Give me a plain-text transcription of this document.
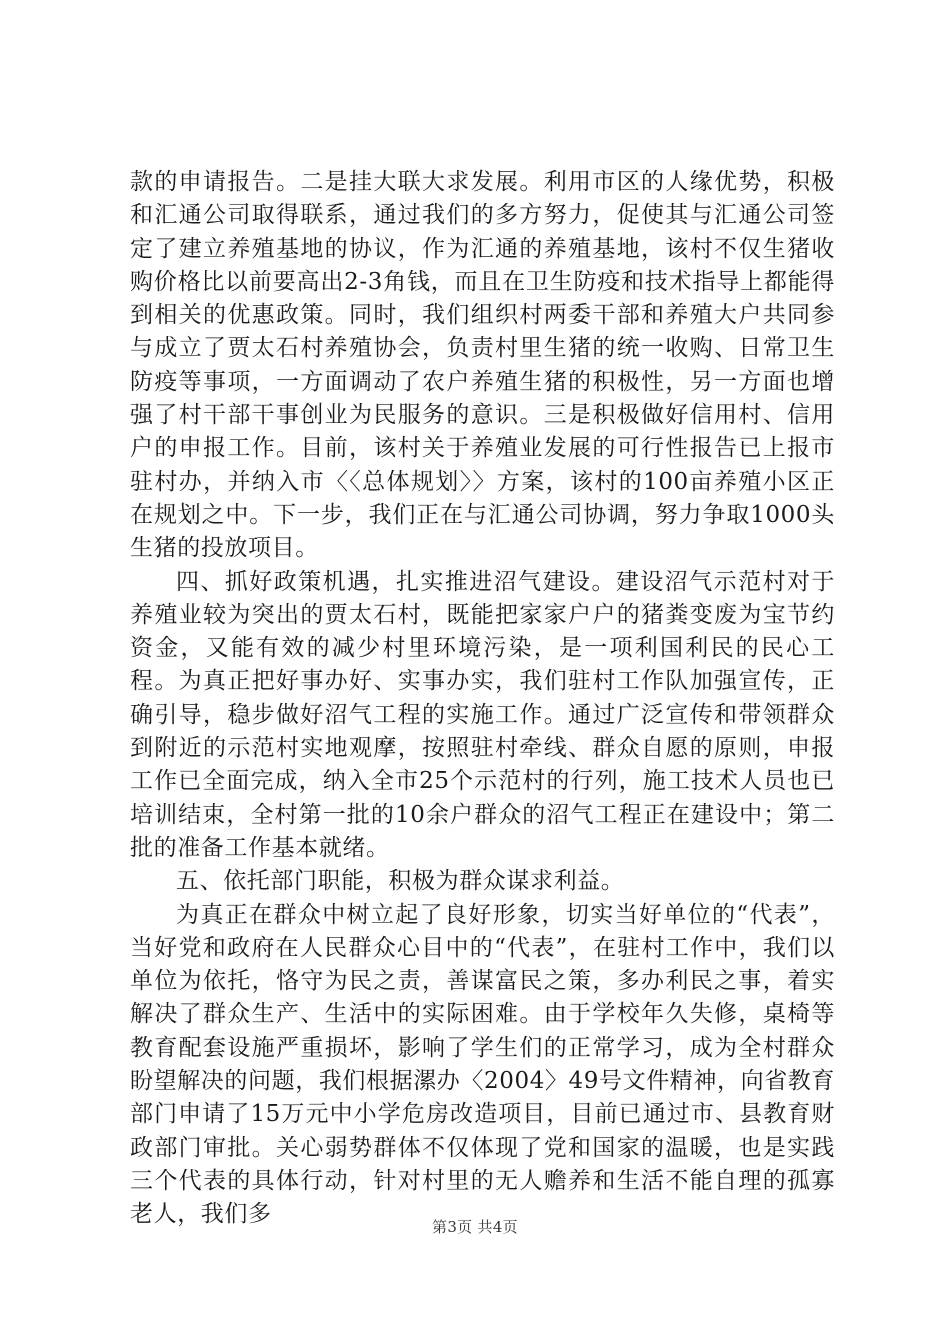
款的申请报告。二是挂大联大求发展。利用市区的人缘优势，积极和汇通公司取得联系，通过我们的多方努力，促使其与汇通公司签定了建立养殖基地的协议，作为汇通的养殖基地，该村不仅生猪收购价格比以前要高出2-3角钱，而且在卫生防疫和技术指导上都能得到相关的优惠政策。同时，我们组织村两委干部和养殖大户共同参与成立了贾太石村养殖协会，负责村里生猪的统一收购、日常卫生防疫等事项，一方面调动了农户养殖生猪的积极性，另一方面也增强了村干部干事创业为民服务的意识。三是积极做好信用村、信用户的申报工作。目前，该村关于养殖业发展的可行性报告已上报市驻村办，并纳入市〈〈总体规划〉〉方案，该村的100亩养殖小区正在规划之中。下一步，我们正在与汇通公司协调，努力争取1000头生猪的投放项目。

四、抓好政策机遇，扎实推进沼气建设。建设沼气示范村对于养殖业较为突出的贾太石村，既能把家家户户的猪粪变废为宝节约资金，又能有效的减少村里环境污染，是一项利国利民的民心工程。为真正把好事办好、实事办实，我们驻村工作队加强宣传，正确引导，稳步做好沼气工程的实施工作。通过广泛宣传和带领群众到附近的示范村实地观摩，按照驻村牵线、群众自愿的原则，申报工作已全面完成，纳入全市25个示范村的行列，施工技术人员也已培训结束，全村第一批的10余户群众的沼气工程正在建设中；第二批的准备工作基本就绪。

五、依托部门职能，积极为群众谋求利益。

为真正在群众中树立起了良好形象，切实当好单位的“代表”，当好党和政府在人民群众心目中的“代表”，在驻村工作中，我们以单位为依托，恪守为民之责，善谋富民之策，多办利民之事，着实解决了群众生产、生活中的实际困难。由于学校年久失修，桌椅等教育配套设施严重损坏，影响了学生们的正常学习，成为全村群众盼望解决的问题，我们根据漯办〈2004〉49号文件精神，向省教育部门申请了15万元中小学危房改造项目，目前已通过市、县教育财政部门审批。关心弱势群体不仅体现了党和国家的温暖，也是实践三个代表的具体行动，针对村里的无人赡养和生活不能自理的孤寡老人，我们多	第3页 共4页
